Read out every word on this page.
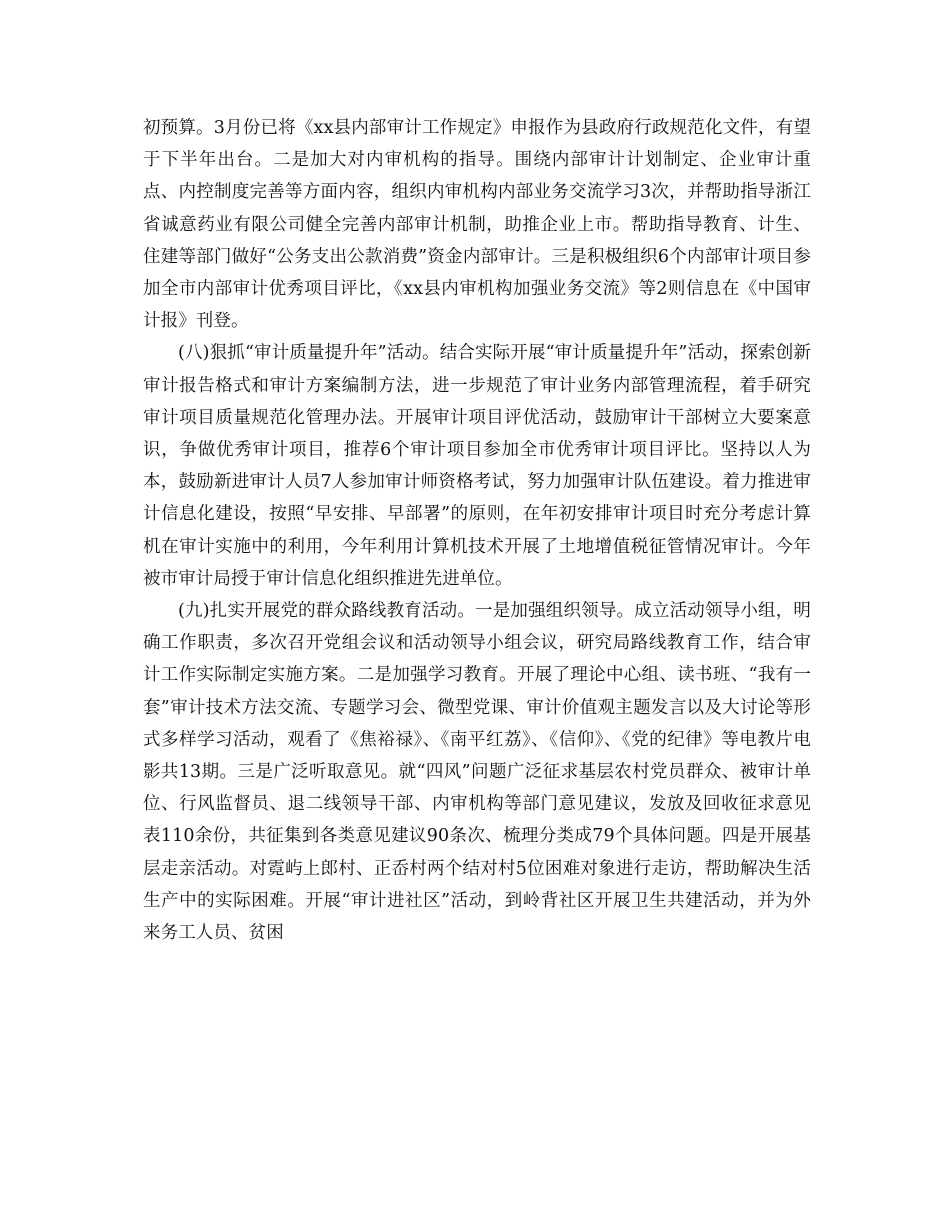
初预算。3月份已将《xx县内部审计工作规定》申报作为县政府行政规范化文件，有望于下半年出台。二是加大对内审机构的指导。围绕内部审计计划制定、企业审计重点、内控制度完善等方面内容，组织内审机构内部业务交流学习3次，并帮助指导浙江省诚意药业有限公司健全完善内部审计机制，助推企业上市。帮助指导教育、计生、住建等部门做好“公务支出公款消费”资金内部审计。三是积极组织6个内部审计项目参加全市内部审计优秀项目评比，《xx县内审机构加强业务交流》等2则信息在《中国审计报》刊登。

(八)狠抓“审计质量提升年”活动。结合实际开展“审计质量提升年”活动，探索创新审计报告格式和审计方案编制方法，进一步规范了审计业务内部管理流程，着手研究审计项目质量规范化管理办法。开展审计项目评优活动，鼓励审计干部树立大要案意识，争做优秀审计项目，推荐6个审计项目参加全市优秀审计项目评比。坚持以人为本，鼓励新进审计人员7人参加审计师资格考试，努力加强审计队伍建设。着力推进审计信息化建设，按照“早安排、早部署”的原则，在年初安排审计项目时充分考虑计算机在审计实施中的利用，今年利用计算机技术开展了土地增值税征管情况审计。今年被市审计局授于审计信息化组织推进先进单位。

(九)扎实开展党的群众路线教育活动。一是加强组织领导。成立活动领导小组，明确工作职责，多次召开党组会议和活动领导小组会议，研究局路线教育工作，结合审计工作实际制定实施方案。二是加强学习教育。开展了理论中心组、读书班、“我有一套”审计技术方法交流、专题学习会、微型党课、审计价值观主题发言以及大讨论等形式多样学习活动，观看了《焦裕禄》、《南平红荔》、《信仰》、《党的纪律》等电教片电影共13期。三是广泛听取意见。就“四风”问题广泛征求基层农村党员群众、被审计单位、行风监督员、退二线领导干部、内审机构等部门意见建议，发放及回收征求意见表110余份，共征集到各类意见建议90条次、梳理分类成79个具体问题。四是开展基层走亲活动。对霓屿上郎村、正岙村两个结对村5位困难对象进行走访，帮助解决生活生产中的实际困难。开展“审计进社区”活动，到岭背社区开展卫生共建活动，并为外来务工人员、贫困
